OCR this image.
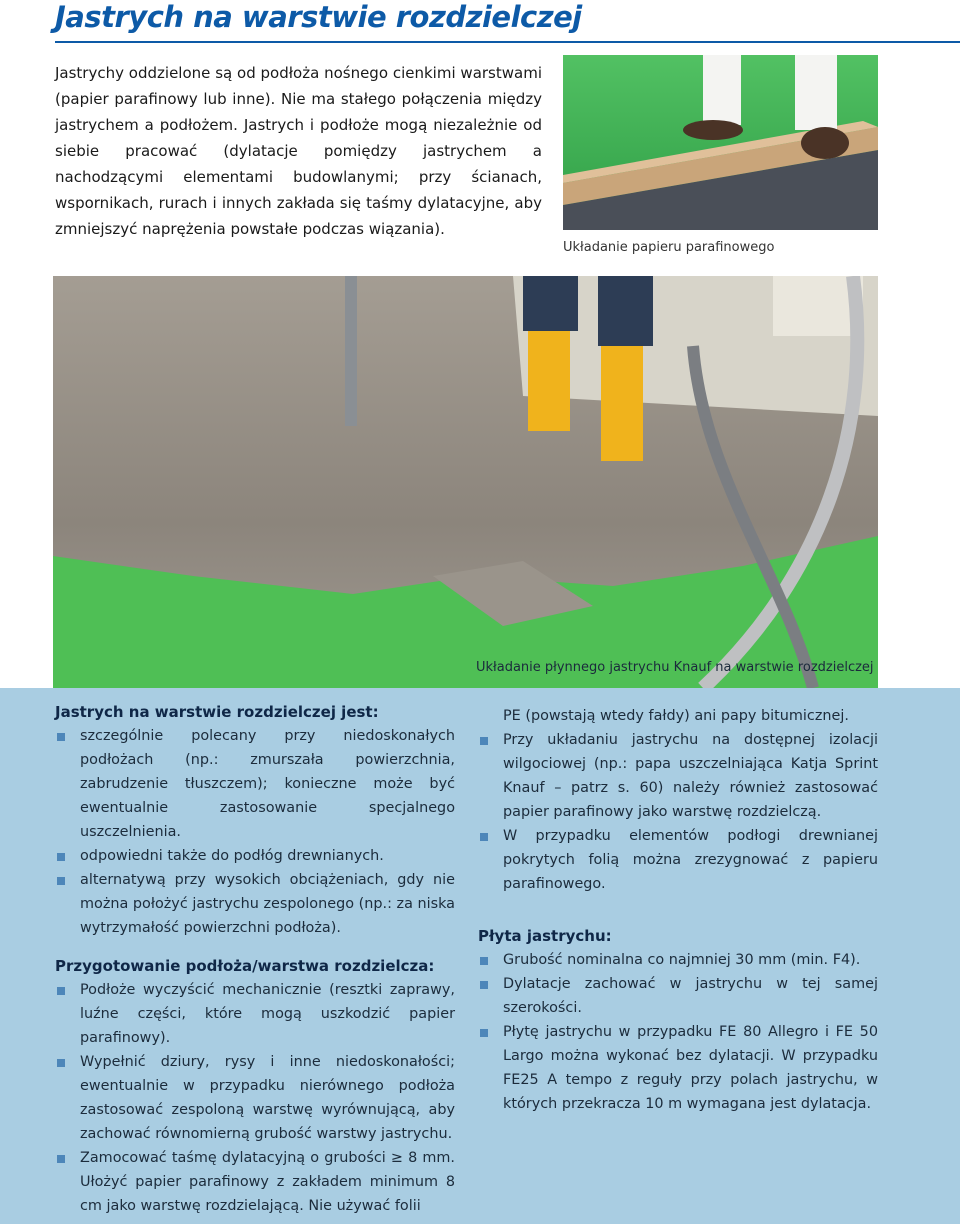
Jastrych na warstwie rozdzielczej

Jastrychy oddzielone są od podłoża nośnego cienkimi warstwami (papier parafinowy lub inne). Nie ma stałego połączenia między jastrychem a podłożem. Jastrych i podłoże mogą niezależnie od siebie pracować (dylatacje pomiędzy jastrychem a nachodzącymi elementami budowlanymi; przy ścianach, wspornikach, rurach i innych zakłada się taśmy dylatacyjne, aby zmniejszyć naprężenia powstałe podczas wiązania).

Układanie papieru parafinowego
Układanie płynnego jastrychu Knauf na warstwie rozdzielczej
Jastrych na warstwie rozdzielczej jest:
szczególnie polecany przy niedoskonałych podłożach (np.: zmurszała powierzchnia, zabrudzenie tłuszczem); konieczne może być ewentualnie zastosowanie specjalnego uszczelnienia.
odpowiedni także do podłóg drewnianych.
alternatywą przy wysokich obciążeniach, gdy nie można położyć jastrychu zespolonego (np.: za niska wytrzymałość powierzchni podłoża).
Przygotowanie podłoża/warstwa rozdzielcza:
Podłoże wyczyścić mechanicznie (resztki zaprawy, luźne części, które mogą uszkodzić papier parafinowy).
Wypełnić dziury, rysy i inne niedoskonałości; ewentualnie w przypadku nierównego podłoża zastosować zespoloną warstwę wyrównującą, aby zachować równomierną grubość warstwy jastrychu.
Zamocować taśmę dylatacyjną o grubości ≥ 8 mm. Ułożyć papier parafinowy z zakładem minimum 8 cm jako warstwę rozdzielającą. Nie używać folii
PE (powstają wtedy fałdy) ani papy bitumicznej.
Przy układaniu jastrychu na dostępnej izolacji wilgociowej (np.: papa uszczelniająca Katja Sprint Knauf – patrz s. 60) należy również zastosować papier parafinowy jako warstwę rozdzielczą.
W przypadku elementów podłogi drewnianej pokrytych folią można zrezygnować z papieru parafinowego.
Płyta jastrychu:
Grubość nominalna co najmniej 30 mm (min. F4).
Dylatacje zachować w jastrychu w tej samej szerokości.
Płytę jastrychu w przypadku FE 80 Allegro i FE 50 Largo można wykonać bez dylatacji. W przypadku FE25 A tempo z reguły przy polach jastrychu, w których przekracza 10 m wymagana jest dylatacja.
